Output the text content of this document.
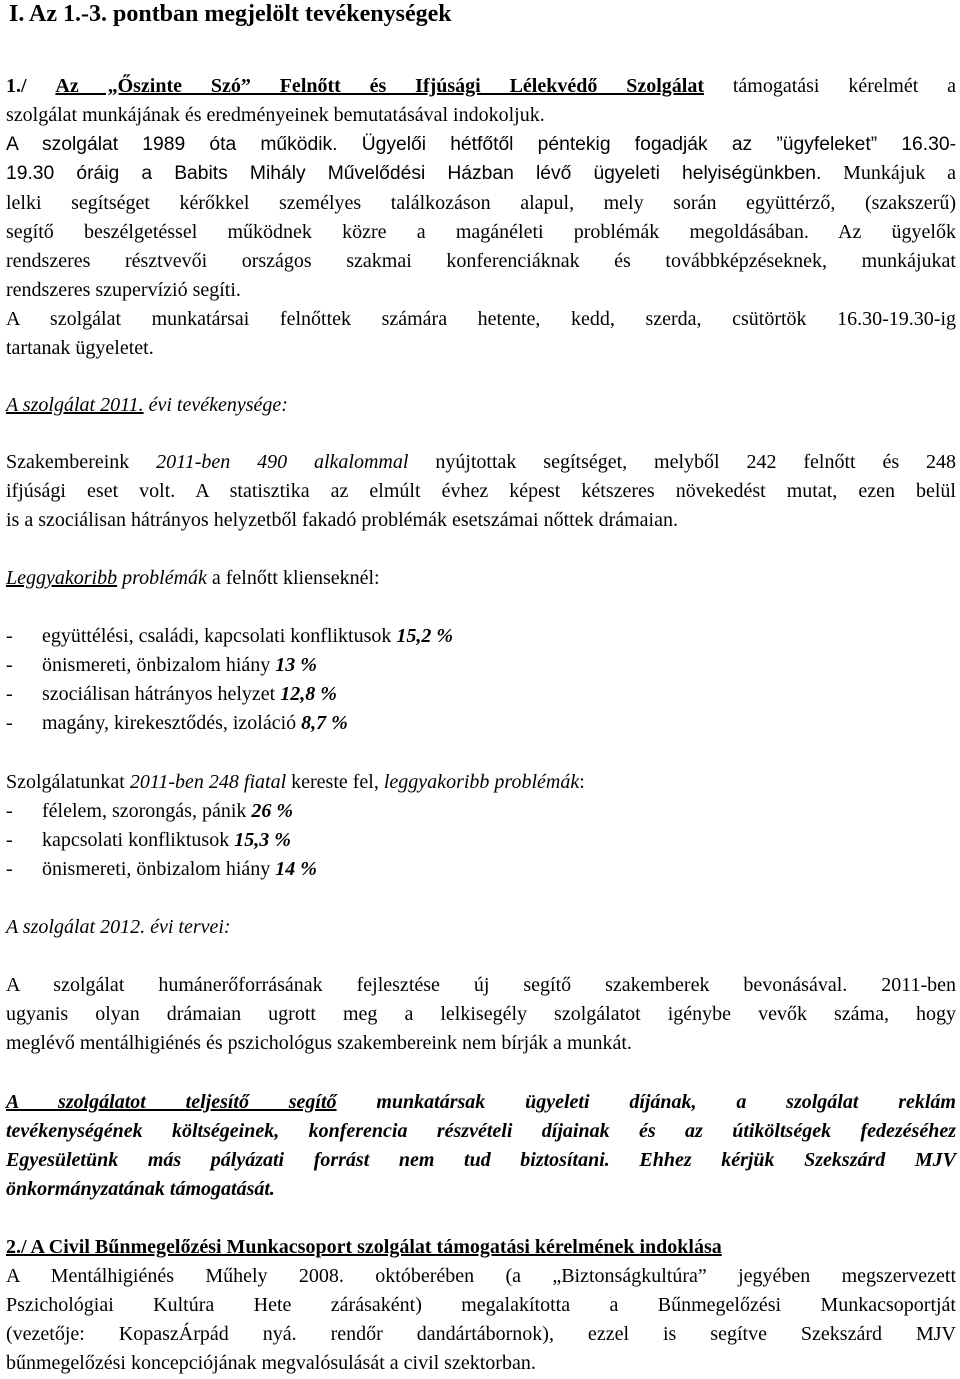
I. Az 1.-3. pontban megjelölt tevékenységek
1./ Az „Őszinte Szó” Felnőtt és Ifjúsági Lélekvédő Szolgálat támogatási kérelmét a
szolgálat munkájának és eredményeinek bemutatásával indokoljuk.
A szolgálat 1989 óta működik. Ügyelői hétfőtől péntekig fogadják az ”ügyfeleket” 16.30-
19.30 óráig a Babits Mihály Művelődési Házban lévő ügyeleti helyiségünkben. Munkájuk a
lelki segítséget kérőkkel személyes találkozáson alapul, mely során együttérző, (szakszerű)
segítő beszélgetéssel működnek közre a magánéleti problémák megoldásában. Az ügyelők
rendszeres résztvevői országos szakmai konferenciáknak és továbbképzéseknek, munkájukat
rendszeres szupervízió segíti.
A szolgálat munkatársai felnőttek számára hetente, kedd, szerda, csütörtök 16.30-19.30-ig
tartanak ügyeletet.
A szolgálat 2011. évi tevékenysége:
Szakembereink 2011-ben 490 alkalommal nyújtottak segítséget, melyből 242 felnőtt és 248
ifjúsági eset volt. A statisztika az elmúlt évhez képest kétszeres növekedést mutat, ezen belül
is a szociálisan hátrányos helyzetből fakadó problémák esetszámai nőttek drámaian.
Leggyakoribb problémák a felnőtt klienseknél:
- együttélési, családi, kapcsolati konfliktusok 15,2 %
- önismereti, önbizalom hiány 13 %
- szociálisan hátrányos helyzet 12,8 %
- magány, kirekesztődés, izoláció 8,7 %
Szolgálatunkat 2011-ben 248 fiatal kereste fel, leggyakoribb problémák:
- félelem, szorongás, pánik 26 %
- kapcsolati konfliktusok 15,3 %
- önismereti, önbizalom hiány 14 %
A szolgálat 2012. évi tervei:
A szolgálat humánerőforrásának fejlesztése új segítő szakemberek bevonásával. 2011-ben
ugyanis olyan drámaian ugrott meg a lelkisegély szolgálatot igénybe vevők száma, hogy
meglévő mentálhigiénés és pszichológus szakembereink nem bírják a munkát.
A szolgálatot teljesítő segítő munkatársak ügyeleti díjának, a szolgálat reklám
tevékenységének költségeinek, konferencia részvételi díjainak és az útiköltségek fedezéséhez
Egyesületünk más pályázati forrást nem tud biztosítani. Ehhez kérjük Szekszárd MJV
önkormányzatának támogatását.
2./ A Civil Bűnmegelőzési Munkacsoport szolgálat támogatási kérelmének indoklása
A Mentálhigiénés Műhely 2008. októberében (a „Biztonságkultúra” jegyében megszervezett
Pszichológiai Kultúra Hete zárásaként) megalakította a Bűnmegelőzési Munkacsoportját
(vezetője: KopaszÁrpád nyá. rendőr dandártábornok), ezzel is segítve Szekszárd MJV
bűnmegelőzési koncepciójának megvalósulását a civil szektorban.
